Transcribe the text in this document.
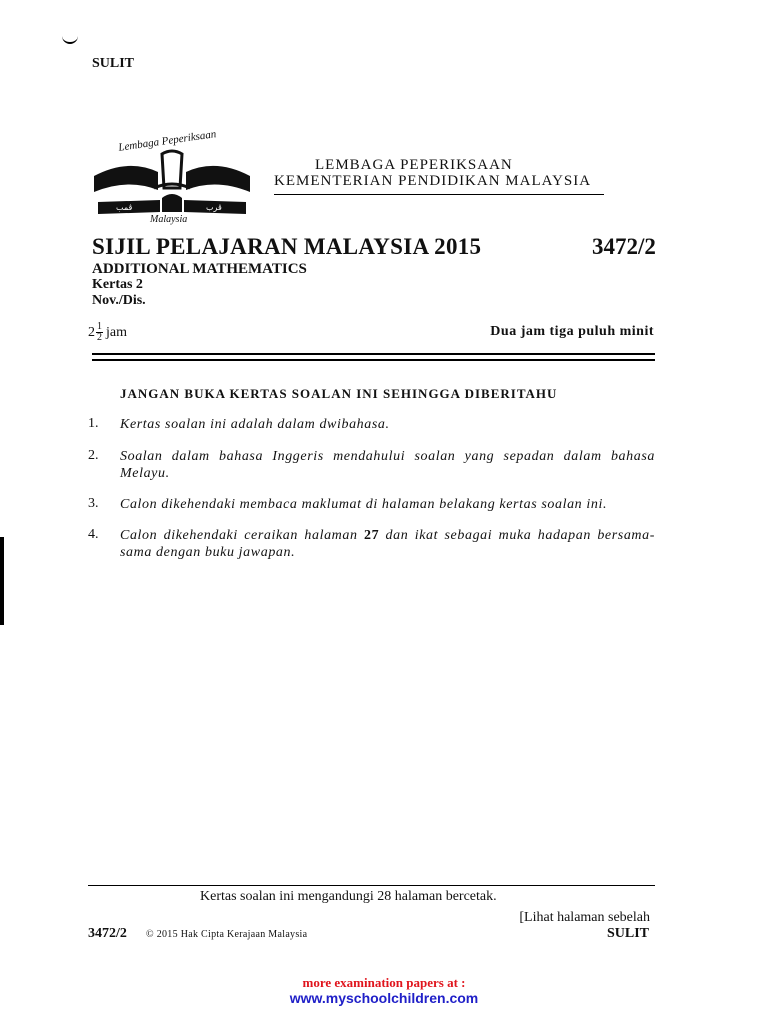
SULIT
ڤمب	ڤرب
Lembaga Peperiksaan
Malaysia
LEMBAGA PEPERIKSAAN
KEMENTERIAN PENDIDIKAN MALAYSIA
SIJIL PELAJARAN MALAYSIA 2015	3472/2
ADDITIONAL MATHEMATICS
Kertas 2
Nov./Dis.
$2 \frac{1}{2}$ jam	Dua jam tiga puluh minit
JANGAN BUKA KERTAS SOALAN INI SEHINGGA DIBERITAHU
1.	Kertas soalan ini adalah dalam dwibahasa.
2.	Soalan dalam bahasa Inggeris mendahului soalan yang sepadan dalam bahasa Melayu.
3.	Calon dikehendaki membaca maklumat di halaman belakang kertas soalan ini.
4.	Calon dikehendaki ceraikan halaman 27 dan ikat sebagai muka hadapan bersama-sama dengan buku jawapan.
Kertas soalan ini mengandungi 28 halaman bercetak.
[Lihat halaman sebelah
3472/2 © 2015 Hak Cipta Kerajaan Malaysia	SULIT
more examination papers at :
www.myschoolchildren.com
